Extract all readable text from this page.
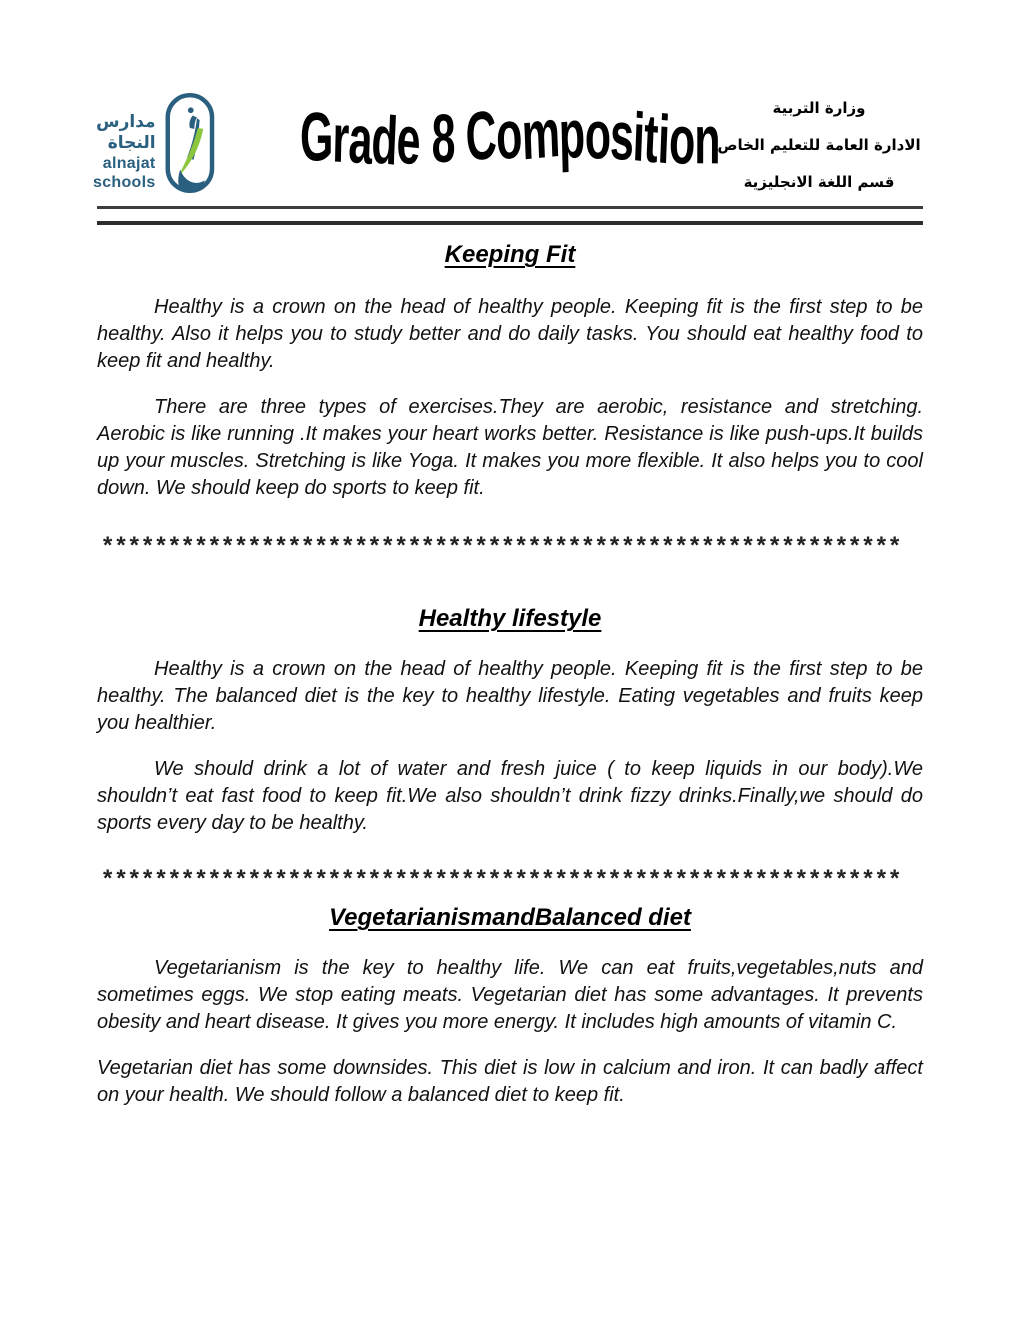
مدارس
النجاة
alnajat
schools
Grade 8 Composition	وزارة التربية
الادارة العامة للتعليم الخاص
قسم اللغة الانجليزية
Keeping Fit

Healthy is a crown on the head of healthy people. Keeping fit is the first step to be healthy. Also it helps you to study better and do daily tasks. You should eat healthy food to keep fit and healthy.

There are three types of exercises.They are aerobic, resistance and stretching. Aerobic is like running .It makes your heart works better. Resistance is like push-ups.It builds up your muscles. Stretching is like Yoga. It makes you more flexible. It also helps you to cool down. We should keep do sports to keep fit.

************************************************************
Healthy lifestyle

Healthy is a crown on the head of healthy people. Keeping fit is the first step to be healthy. The balanced diet is the key to healthy lifestyle. Eating vegetables and fruits keep you healthier.

We should drink a lot of water and fresh juice ( to keep liquids in our body).We shouldn’t eat fast food to keep fit.We also shouldn’t drink fizzy drinks.Finally,we should do sports every day to be healthy.

************************************************************
VegetarianismandBalanced diet

Vegetarianism is the key to healthy life. We can eat fruits,vegetables,nuts and sometimes eggs. We stop eating meats. Vegetarian diet has some advantages. It prevents obesity and heart disease. It gives you more energy. It includes high amounts of vitamin C.

Vegetarian diet has some downsides. This diet is low in calcium and iron. It can badly affect on your health. We should follow a balanced diet to keep fit.
